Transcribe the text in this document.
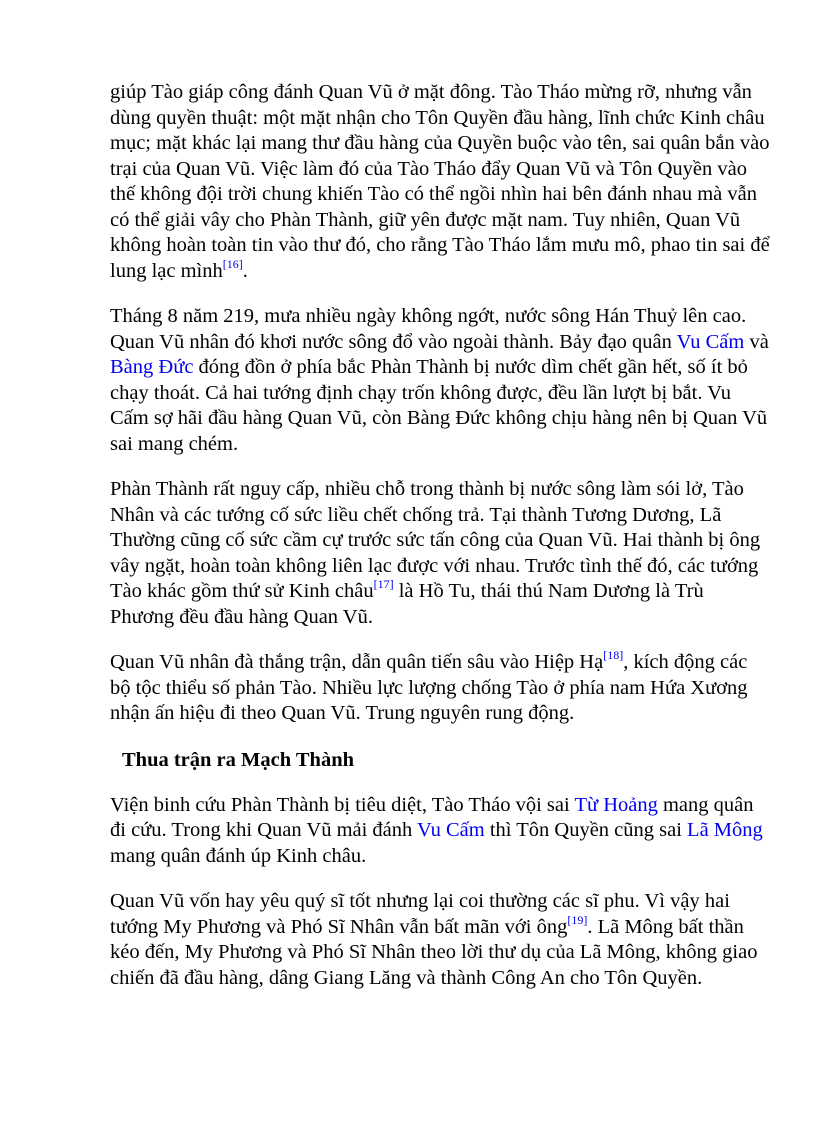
giúp Tào giáp công đánh Quan Vũ ở mặt đông. Tào Tháo mừng rỡ, nhưng vẫn dùng quyền thuật: một mặt nhận cho Tôn Quyền đầu hàng, lĩnh chức Kinh châu mục; mặt khác lại mang thư đầu hàng của Quyền buộc vào tên, sai quân bắn vào trại của Quan Vũ. Việc làm đó của Tào Tháo đẩy Quan Vũ và Tôn Quyền vào thế không đội trời chung khiến Tào có thể ngồi nhìn hai bên đánh nhau mà vẫn có thể giải vây cho Phàn Thành, giữ yên được mặt nam. Tuy nhiên, Quan Vũ không hoàn toàn tin vào thư đó, cho rằng Tào Tháo lắm mưu mô, phao tin sai để lung lạc mình[16].

Tháng 8 năm 219, mưa nhiều ngày không ngớt, nước sông Hán Thuỷ lên cao. Quan Vũ nhân đó khơi nước sông đổ vào ngoài thành. Bảy đạo quân Vu Cấm và Bàng Đức đóng đồn ở phía bắc Phàn Thành bị nước dìm chết gần hết, số ít bỏ chạy thoát. Cả hai tướng định chạy trốn không được, đều lần lượt bị bắt. Vu Cấm sợ hãi đầu hàng Quan Vũ, còn Bàng Đức không chịu hàng nên bị Quan Vũ sai mang chém.

Phàn Thành rất nguy cấp, nhiều chỗ trong thành bị nước sông làm sói lở, Tào Nhân và các tướng cố sức liều chết chống trả. Tại thành Tương Dương, Lã Thường cũng cố sức cầm cự trước sức tấn công của Quan Vũ. Hai thành bị ông vây ngặt, hoàn toàn không liên lạc được với nhau. Trước tình thế đó, các tướng Tào khác gồm thứ sử Kinh châu[17] là Hồ Tu, thái thú Nam Dương là Trù Phương đều đầu hàng Quan Vũ.

Quan Vũ nhân đà thắng trận, dẫn quân tiến sâu vào Hiệp Hạ[18], kích động các bộ tộc thiểu số phản Tào. Nhiều lực lượng chống Tào ở phía nam Hứa Xương nhận ấn hiệu đi theo Quan Vũ. Trung nguyên rung động.

Thua trận ra Mạch Thành

Viện binh cứu Phàn Thành bị tiêu diệt, Tào Tháo vội sai Từ Hoảng mang quân đi cứu. Trong khi Quan Vũ mải đánh Vu Cấm thì Tôn Quyền cũng sai Lã Mông mang quân đánh úp Kinh châu.

Quan Vũ vốn hay yêu quý sĩ tốt nhưng lại coi thường các sĩ phu. Vì vậy hai tướng My Phương và Phó Sĩ Nhân vẫn bất mãn với ông[19]. Lã Mông bất thần kéo đến, My Phương và Phó Sĩ Nhân theo lời thư dụ của Lã Mông, không giao chiến đã đầu hàng, dâng Giang Lăng và thành Công An cho Tôn Quyền.
